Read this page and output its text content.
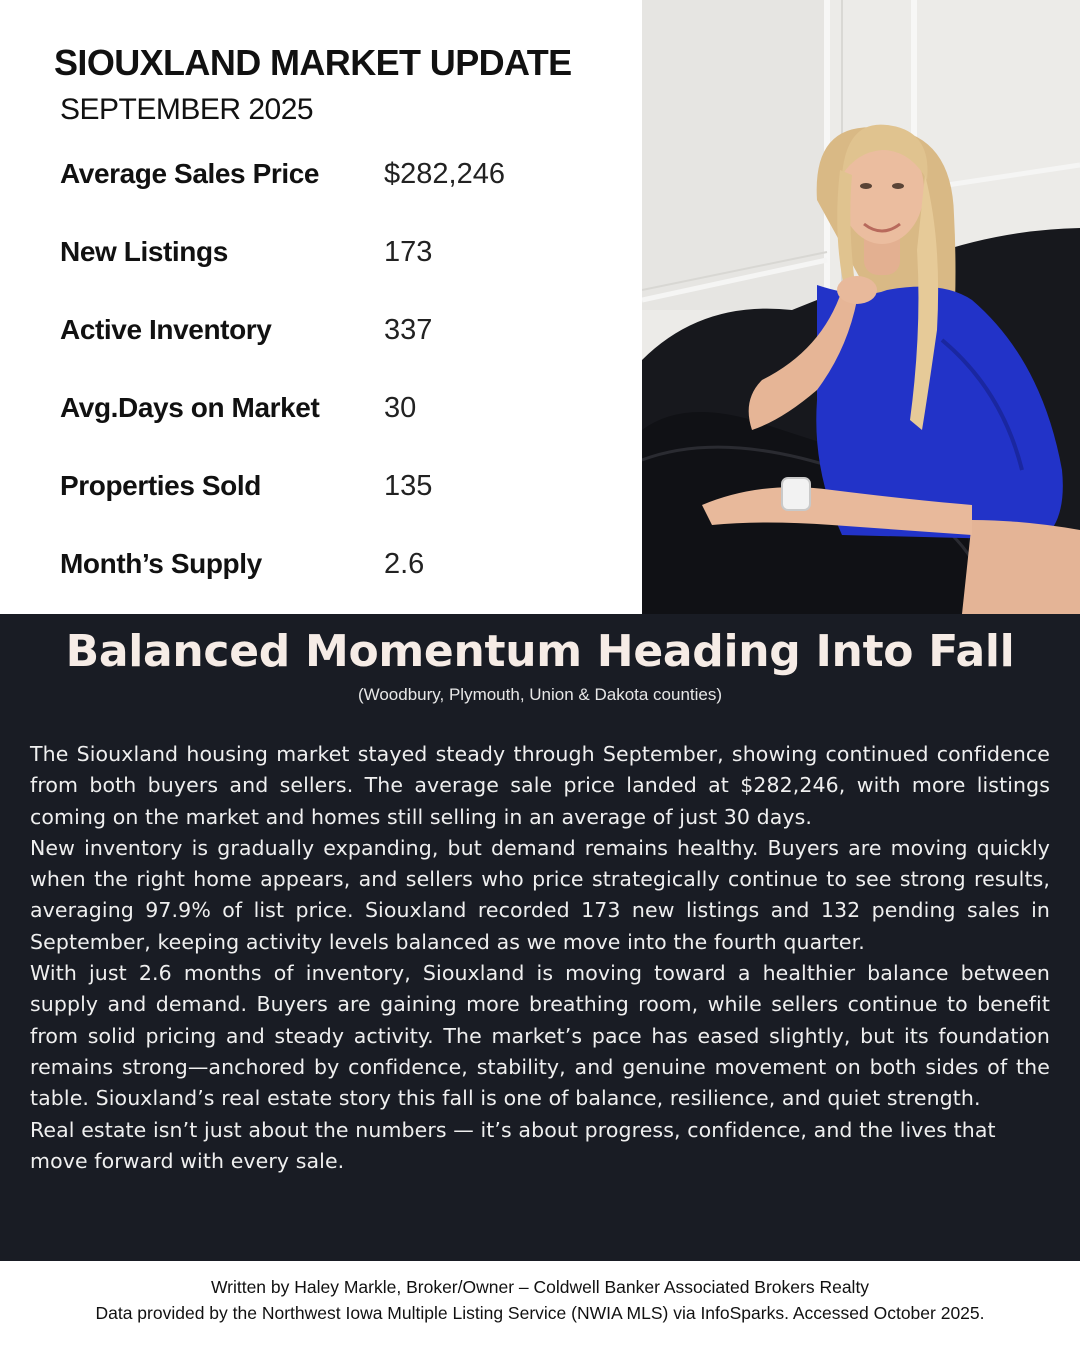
SIOUXLAND MARKET UPDATE
SEPTEMBER 2025
Average Sales Price $282,246
New Listings	173
Active Inventory	337
Avg.Days on Market 30
Properties Sold	135
Month’s Supply	2.6
Balanced Momentum Heading Into Fall
(Woodbury, Plymouth, Union & Dakota counties)

The Siouxland housing market stayed steady through September, showing continued confidence from both buyers and sellers. The average sale price landed at $282,246, with more listings coming on the market and homes still selling in an average of just 30 days.

New inventory is gradually expanding, but demand remains healthy. Buyers are moving quickly when the right home appears, and sellers who price strategically continue to see strong results, averaging 97.9% of list price. Siouxland recorded 173 new listings and 132 pending sales in September, keeping activity levels balanced as we move into the fourth quarter.

With just 2.6 months of inventory, Siouxland is moving toward a healthier balance between supply and demand. Buyers are gaining more breathing room, while sellers continue to benefit from solid pricing and steady activity. The market’s pace has eased slightly, but its foundation remains strong—anchored by confidence, stability, and genuine movement on both sides of the table. Siouxland’s real estate story this fall is one of balance, resilience, and quiet strength.

Real estate isn’t just about the numbers — it’s about progress, confidence, and the lives that move forward with every sale.

Written by Haley Markle, Broker/Owner – Coldwell Banker Associated Brokers Realty
Data provided by the Northwest Iowa Multiple Listing Service (NWIA MLS) via InfoSparks. Accessed October 2025.
